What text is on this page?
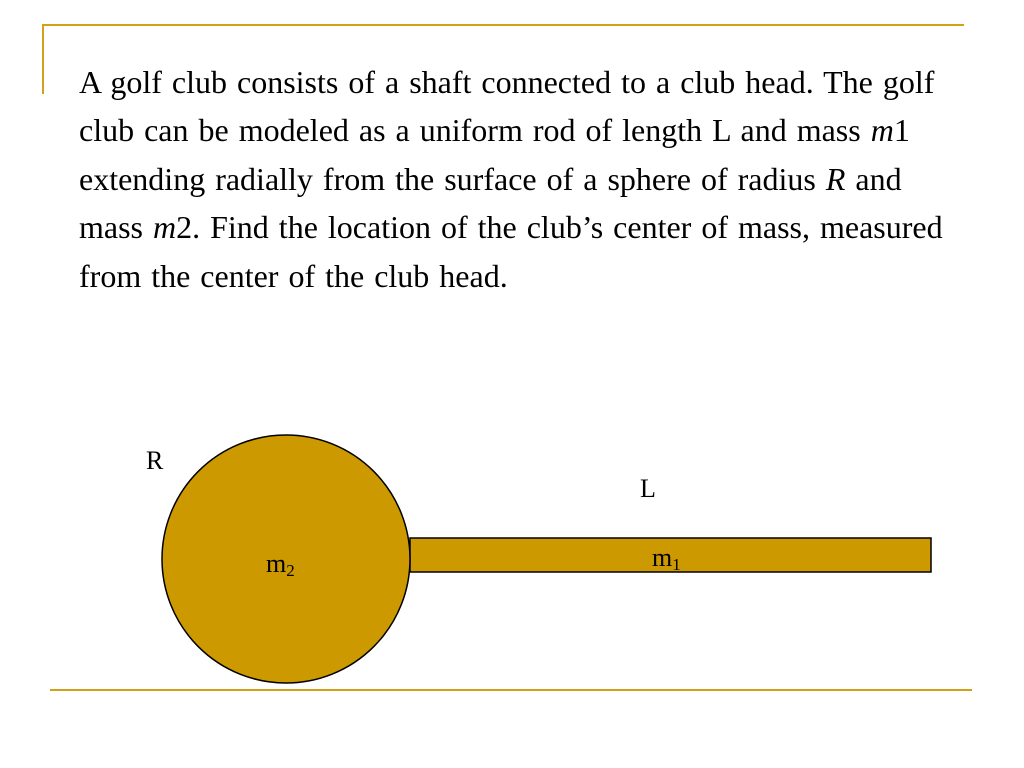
A golf club consists of a shaft connected to a club head. The golf club can be modeled as a uniform rod of length L and mass m1 extending radially from the surface of a sphere of radius R and mass m2. Find the location of the club’s center of mass, measured from the center of the club head.

R
L
$m_2$	$m_1$
